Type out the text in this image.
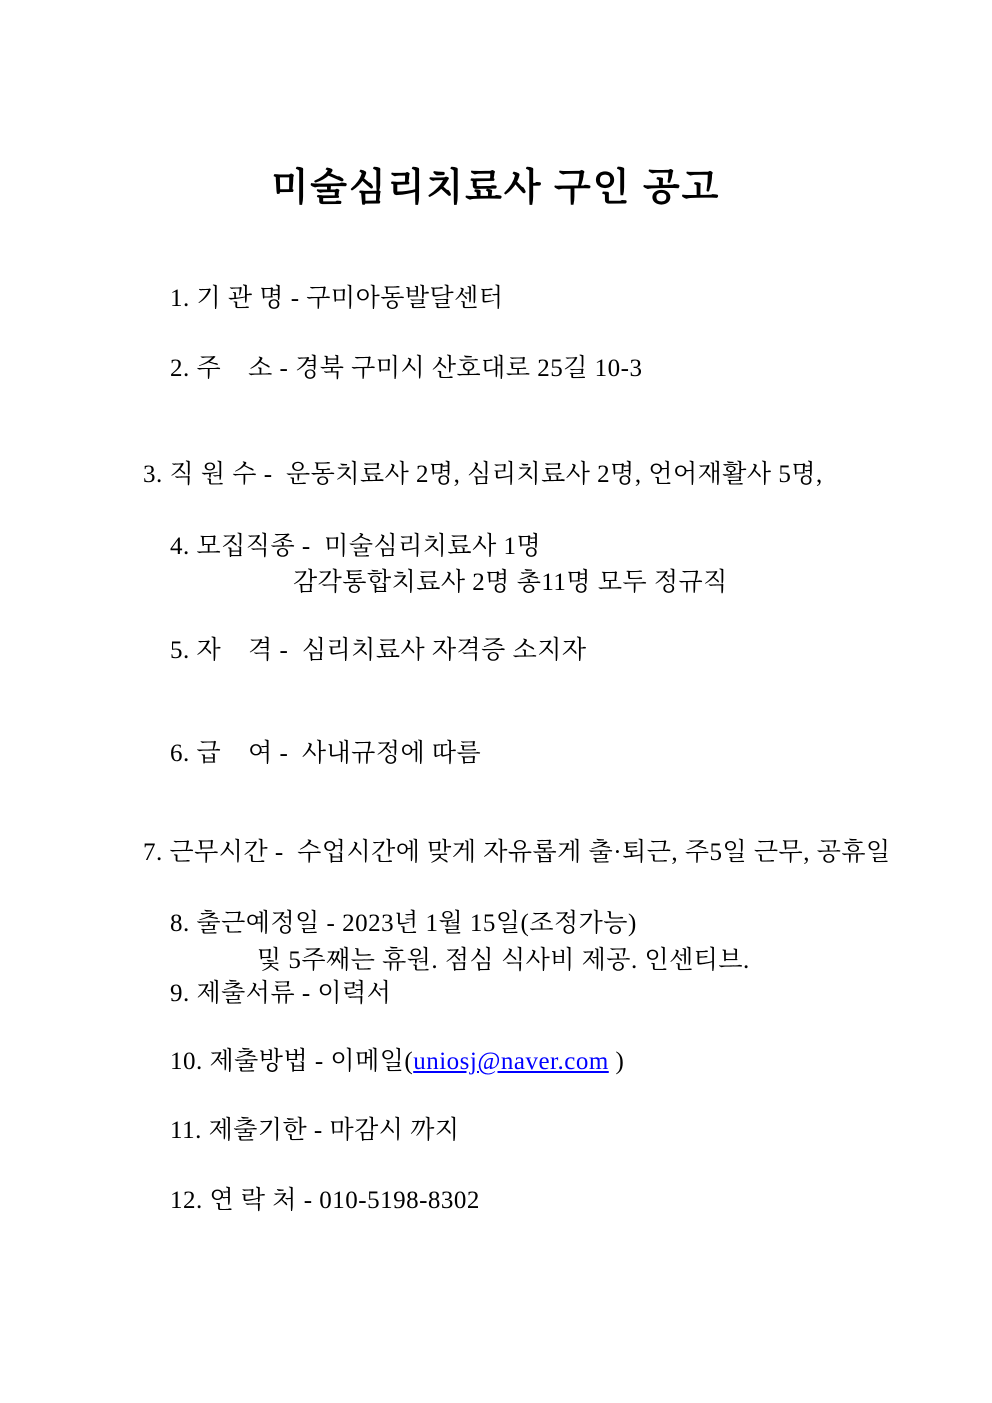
미술심리치료사 구인 공고

1. 기 관 명 - 구미아동발달센터

2. 주    소 - 경북 구미시 산호대로 25길 10-3

3. 직 원 수 -  운동치료사 2명, 심리치료사 2명, 언어재활사 5명,

감각통합치료사 2명 총11명 모두 정규직

4. 모집직종 -  미술심리치료사 1명

5. 자    격 -  심리치료사 자격증 소지자

6. 급    여 -  사내규정에 따름

7. 근무시간 -  수업시간에 맞게 자유롭게 출·퇴근, 주5일 근무, 공휴일

및 5주째는 휴원. 점심 식사비 제공. 인센티브.

8. 출근예정일 - 2023년 1월 15일(조정가능)

9. 제출서류 - 이력서

10. 제출방법 - 이메일(uniosj@naver.com )

11. 제출기한 - 마감시 까지

12. 연 락 처 - 010-5198-8302
